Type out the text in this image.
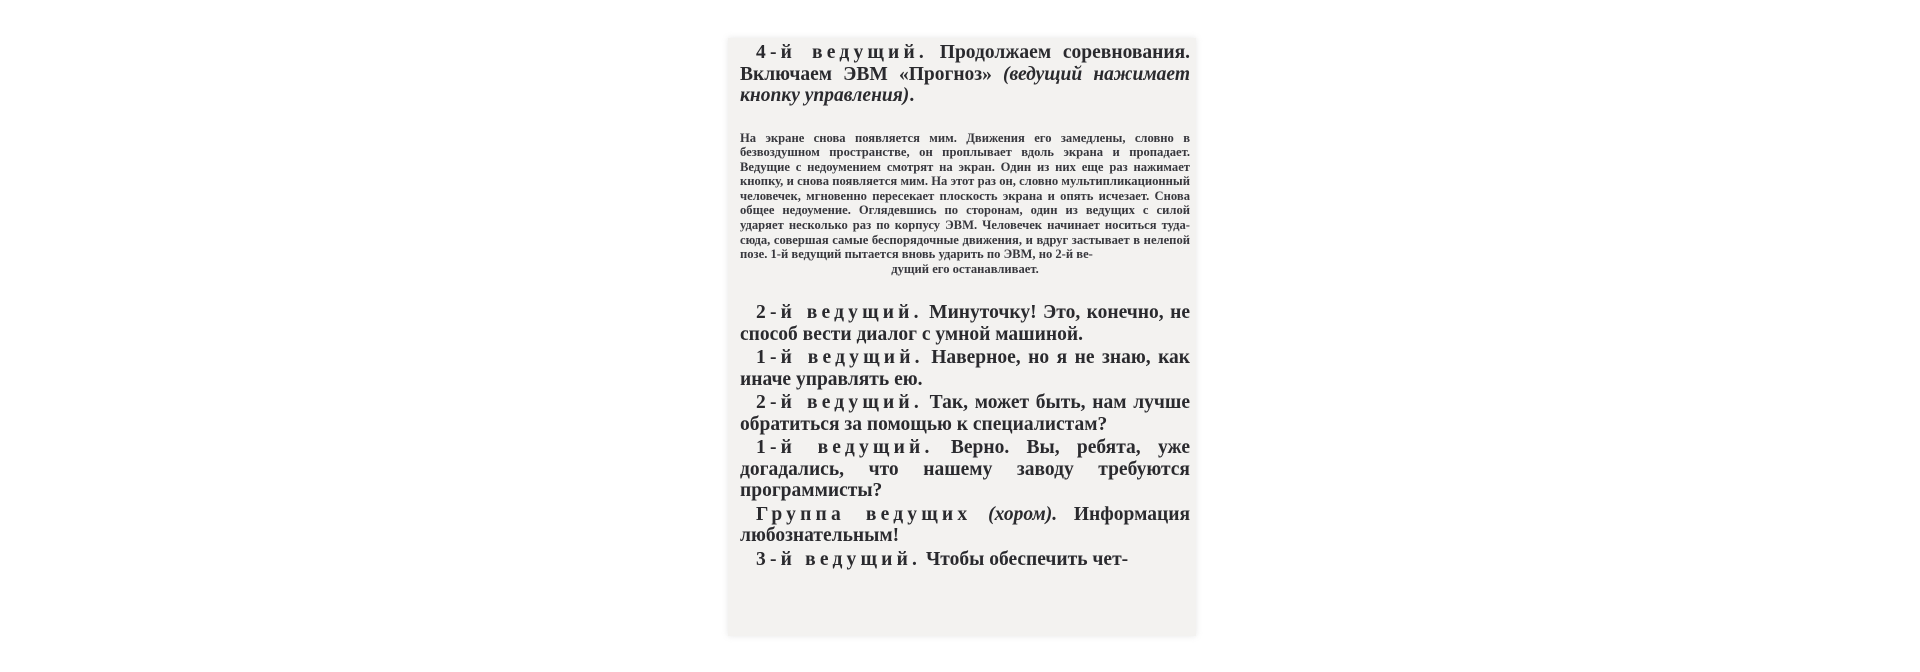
4-й ведущий. Продолжаем соревнования. Включаем ЭВМ «Прогноз» (ведущий нажимает кнопку управления).

На экране снова появляется мим. Движения его замедлены, словно в безвоздушном пространстве, он проплывает вдоль экрана и пропадает. Ведущие с недоумением смотрят на экран. Один из них еще раз нажимает кнопку, и снова появляется мим. На этот раз он, словно мультипликационный человечек, мгновенно пересекает плоскость экрана и опять исчезает. Снова общее недоумение. Оглядевшись по сторонам, один из ведущих с силой ударяет несколько раз по корпусу ЭВМ. Человечек начинает носиться туда-сюда, совершая самые беспорядочные движения, и вдруг застывает в нелепой позе. 1-й ведущий пытается вновь ударить по ЭВМ, но 2-й ве-
дущий его останавливает.

2-й ведущий. Минуточку! Это, конечно, не способ вести диалог с умной машиной.

1-й ведущий. Наверное, но я не знаю, как иначе управлять ею.

2-й ведущий. Так, может быть, нам лучше обратиться за помощью к специалистам?

1-й ведущий. Верно. Вы, ребята, уже догадались, что нашему заводу требуются программисты?

Группа ведущих (хором). Информация любознательным!

3-й ведущий. Чтобы обеспечить чет-
